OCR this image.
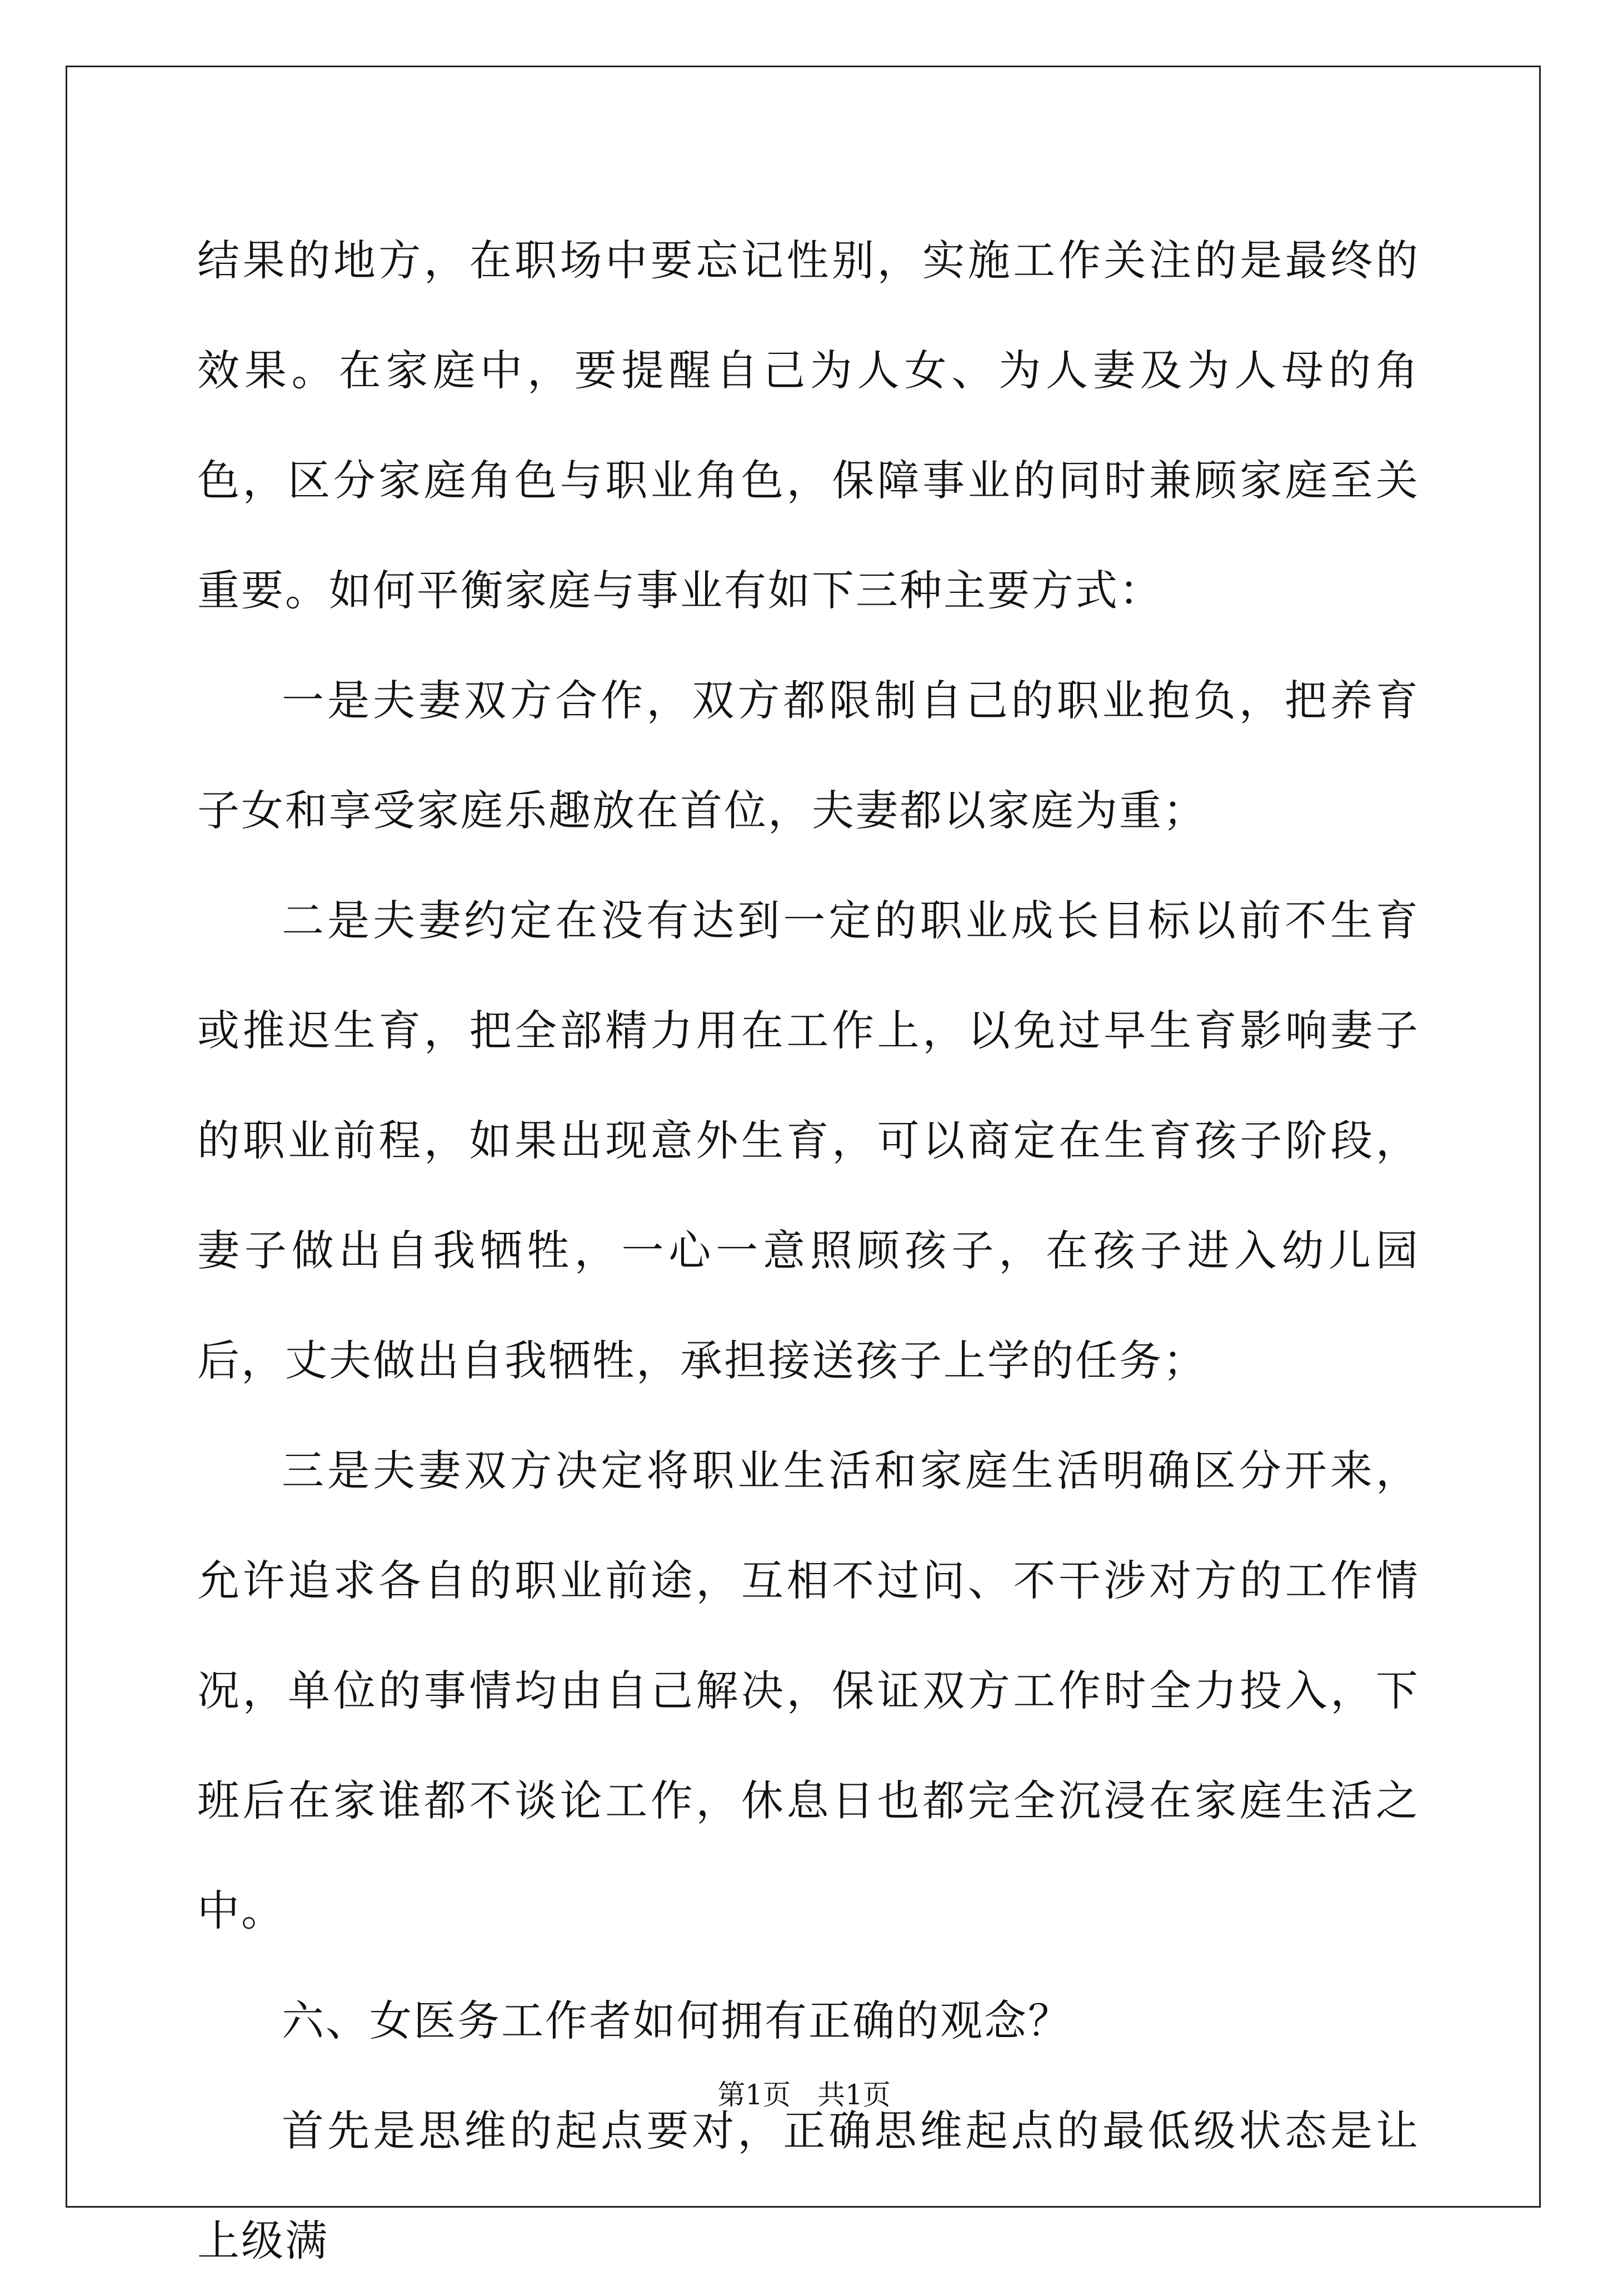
结果的地方，在职场中要忘记性别，实施工作关注的是最终的效果。在家庭中，要提醒自己为人女、为人妻及为人母的角色，区分家庭角色与职业角色，保障事业的同时兼顾家庭至关重要。如何平衡家庭与事业有如下三种主要方式：

一是夫妻双方合作，双方都限制自己的职业抱负，把养育子女和享受家庭乐趣放在首位，夫妻都以家庭为重；

二是夫妻约定在没有达到一定的职业成长目标以前不生育或推迟生育，把全部精力用在工作上，以免过早生育影响妻子的职业前程，如果出现意外生育，可以商定在生育孩子阶段，妻子做出自我牺牲，一心一意照顾孩子，在孩子进入幼儿园后，丈夫做出自我牺牲，承担接送孩子上学的任务；

三是夫妻双方决定将职业生活和家庭生活明确区分开来，允许追求各自的职业前途，互相不过问、不干涉对方的工作情况，单位的事情均由自己解决，保证双方工作时全力投入，下班后在家谁都不谈论工作，休息日也都完全沉浸在家庭生活之中。

六、女医务工作者如何拥有正确的观念？

首先是思维的起点要对，正确思维起点的最低级状态是让上级满

第1页 共1页
